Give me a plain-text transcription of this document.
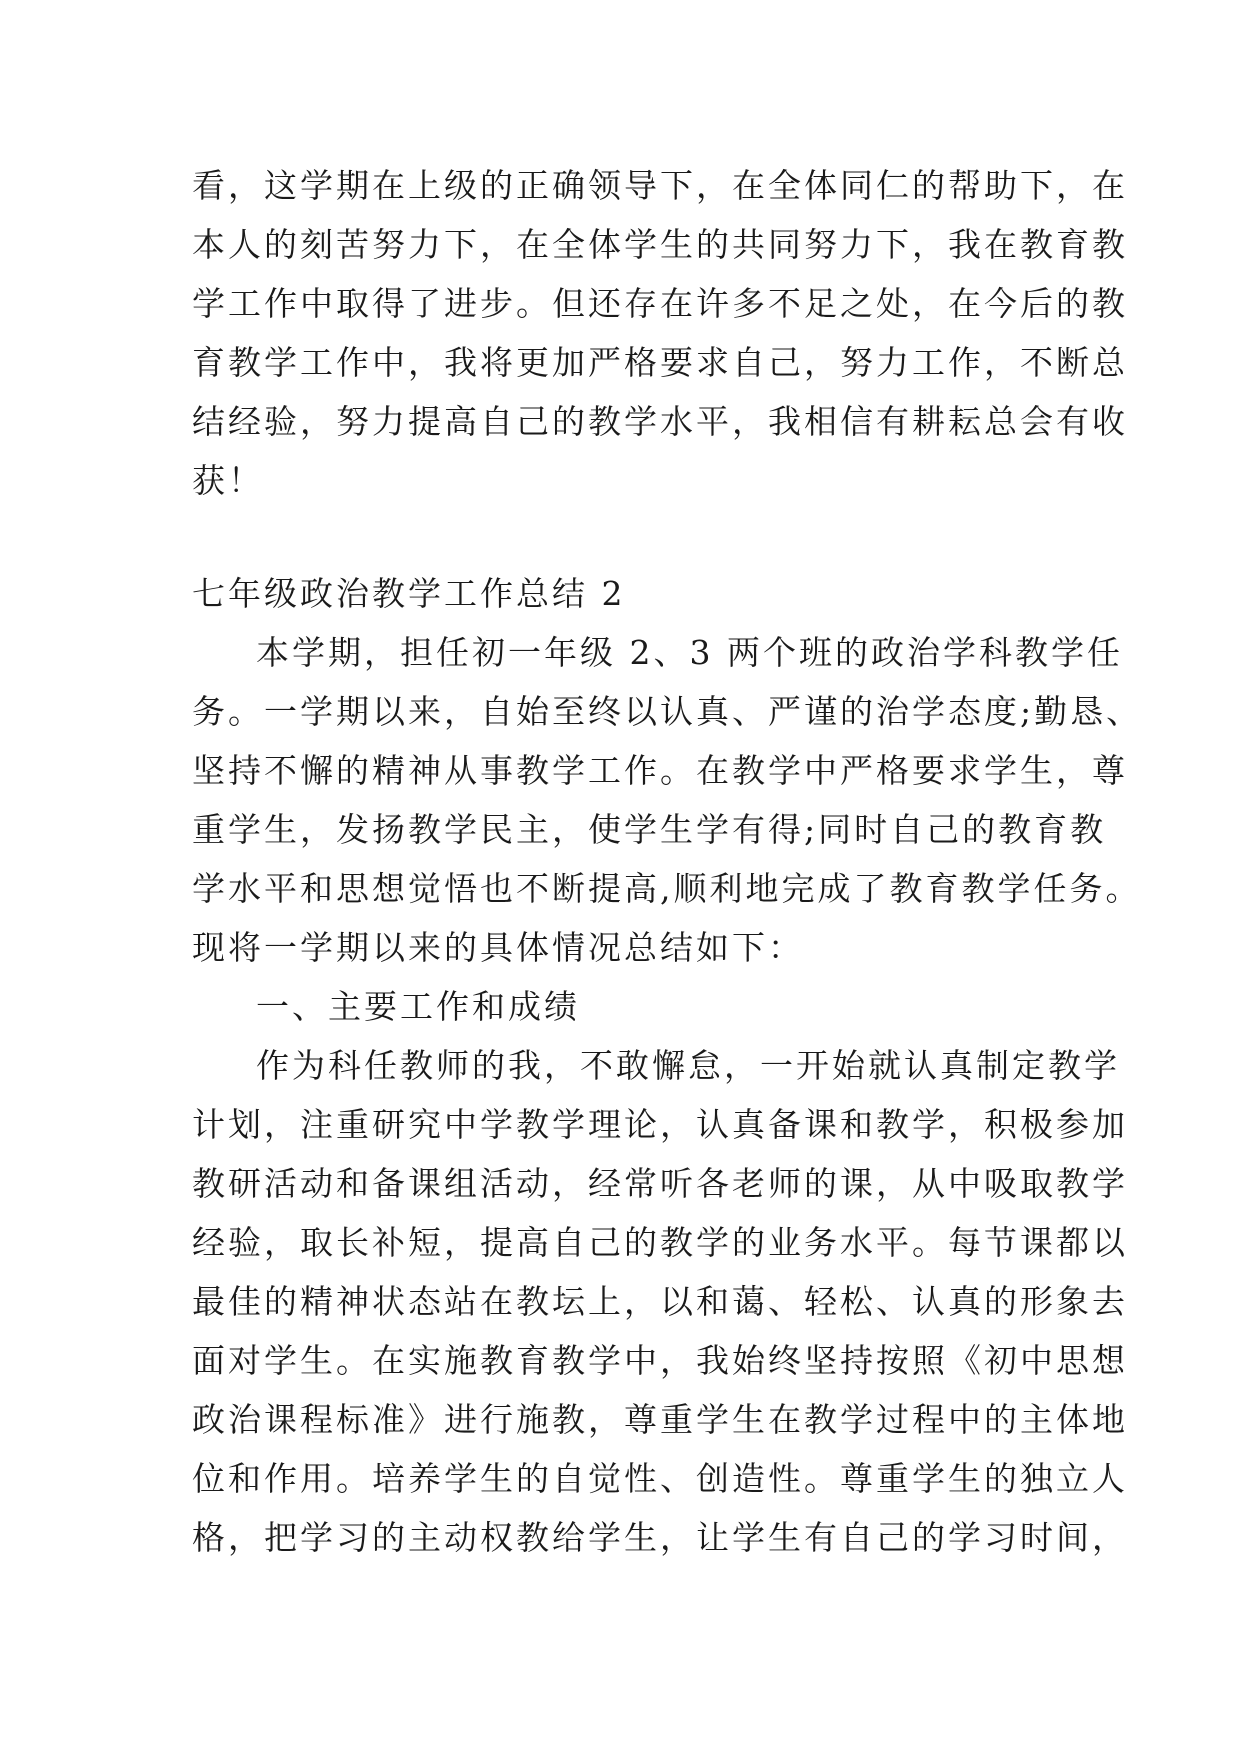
看，这学期在上级的正确领导下，在全体同仁的帮助下，在

本人的刻苦努力下，在全体学生的共同努力下，我在教育教

学工作中取得了进步。但还存在许多不足之处，在今后的教

育教学工作中，我将更加严格要求自己，努力工作，不断总

结经验，努力提高自己的教学水平，我相信有耕耘总会有收

获！

七年级政治教学工作总结 2

本学期，担任初一年级 2、3 两个班的政治学科教学任

务。一学期以来，自始至终以认真、严谨的治学态度;勤恳、

坚持不懈的精神从事教学工作。在教学中严格要求学生，尊

重学生，发扬教学民主，使学生学有得;同时自己的教育教

学水平和思想觉悟也不断提高,顺利地完成了教育教学任务。

现将一学期以来的具体情况总结如下：

一、主要工作和成绩

作为科任教师的我，不敢懈怠，一开始就认真制定教学

计划，注重研究中学教学理论，认真备课和教学，积极参加

教研活动和备课组活动，经常听各老师的课，从中吸取教学

经验，取长补短，提高自己的教学的业务水平。每节课都以

最佳的精神状态站在教坛上，以和蔼、轻松、认真的形象去

面对学生。在实施教育教学中，我始终坚持按照《初中思想

政治课程标准》进行施教，尊重学生在教学过程中的主体地

位和作用。培养学生的自觉性、创造性。尊重学生的独立人

格，把学习的主动权教给学生，让学生有自己的学习时间，
